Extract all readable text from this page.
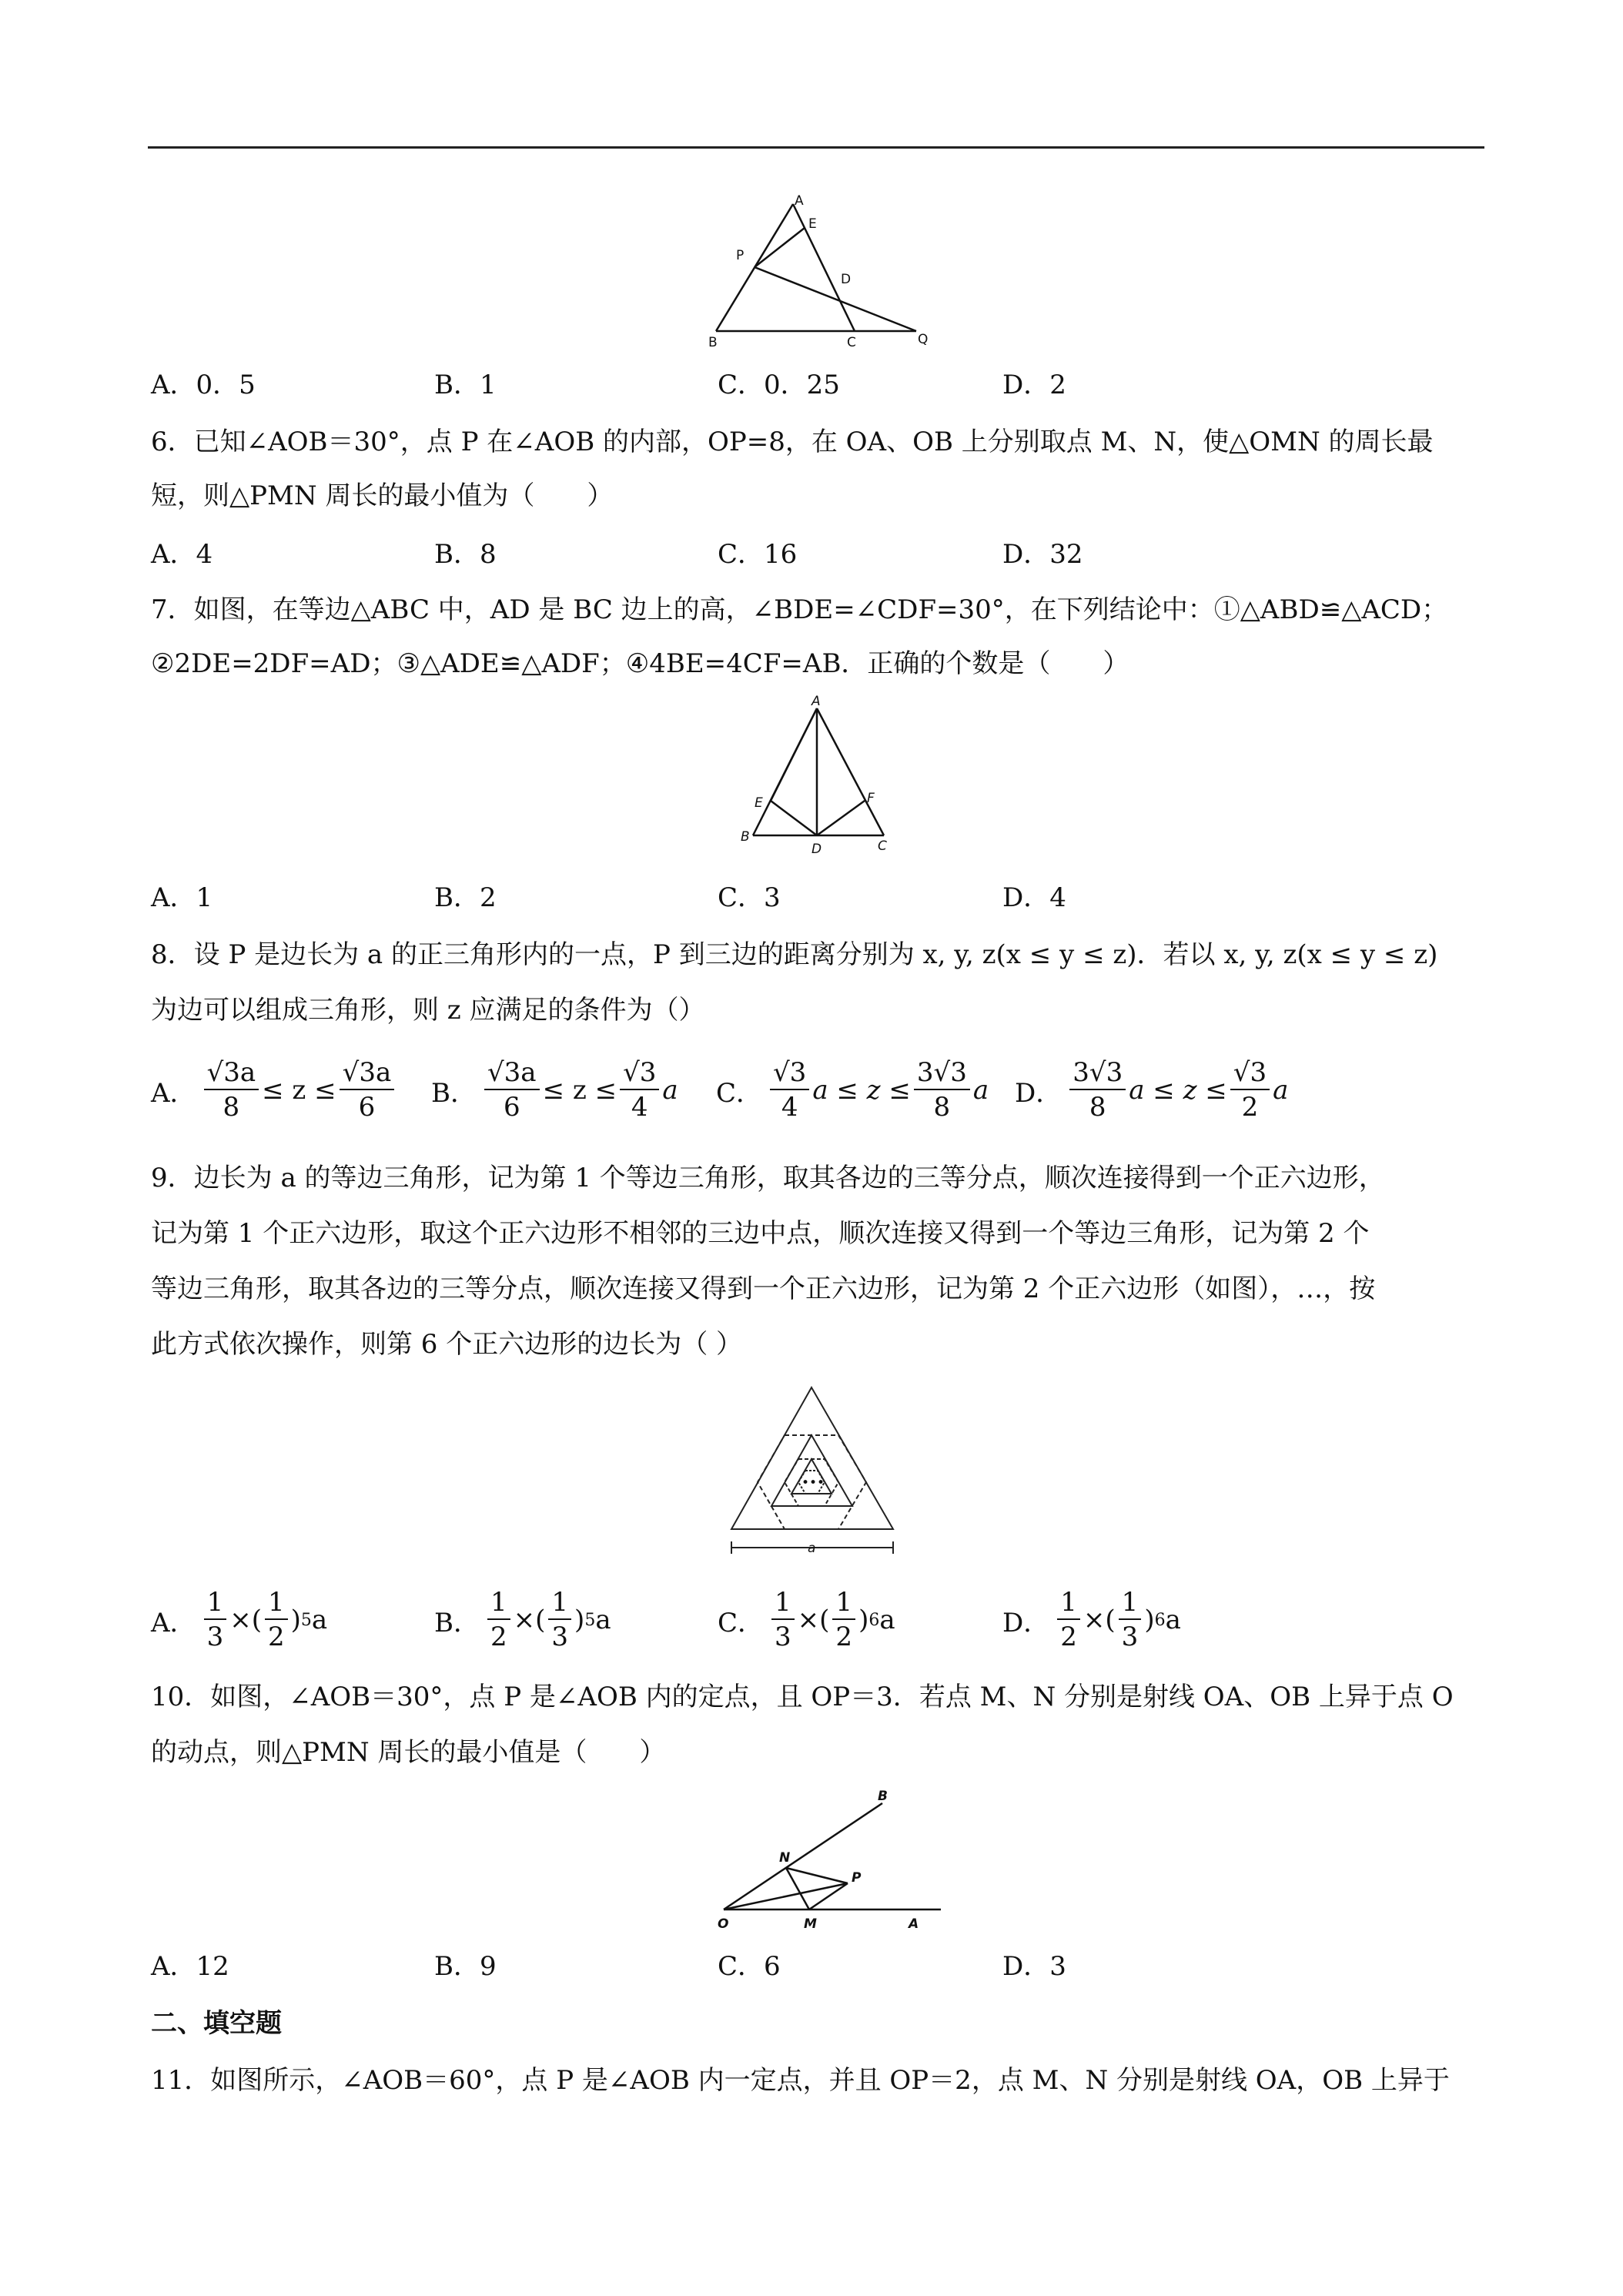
A
E
P
D
B	C	Q
A．0．5	B．1	C．0．25	D．2
6．已知∠AOB＝30°，点 P 在∠AOB 的内部，OP=8，在 OA、OB 上分别取点 M、N，使△OMN 的周长最
短，则△PMN 周长的最小值为（　　）
A．4	B．8	C．16	D．32
7．如图，在等边△ABC 中，AD 是 BC 边上的高，∠BDE=∠CDF=30°，在下列结论中：①△ABD≌△ACD；
②2DE=2DF=AD；③△ADE≌△ADF；④4BE=4CF=AB．正确的个数是（　　）
A
E	F
B
D	C
A．1	B．2	C．3	D．4
8．设 P 是边长为 a 的正三角形内的一点，P 到三边的距离分别为 x, y, z(x ≤ y ≤ z)．若以 x, y, z(x ≤ y ≤ z)
为边可以组成三角形，则 z 应满足的条件为（）
A． $\frac{√3a}{8} \le z \le \frac{√3a}{6}$ B． $\frac{√3a}{6} \le z \le \frac{√3}{4}$ a C． $\frac{√3}{4}$ $a \le z \le \frac{3√3}{8}$ a D． $\frac{3√3}{8}$ $a \le z \le \frac{√3}{2}$ a
9．边长为 a 的等边三角形，记为第 1 个等边三角形，取其各边的三等分点，顺次连接得到一个正六边形，
记为第 1 个正六边形，取这个正六边形不相邻的三边中点，顺次连接又得到一个等边三角形，记为第 2 个
等边三角形，取其各边的三等分点，顺次连接又得到一个正六边形，记为第 2 个正六边形（如图），…，按
此方式依次操作，则第 6 个正六边形的边长为（ ）
•••
a
A． $\frac{1}{3}$ ×( $\frac{1}{2}$ ) 5 a	B． $\frac{1}{2}$ ×( $\frac{1}{3}$ ) 5 a	C． $\frac{1}{3}$ ×( $\frac{1}{2}$ ) 6 a	D． $\frac{1}{2}$ ×( $\frac{1}{3}$ ) 6 a
10．如图，∠AOB＝30°，点 P 是∠AOB 内的定点，且 OP＝3．若点 M、N 分别是射线 OA、OB 上异于点 O
的动点，则△PMN 周长的最小值是（　　）
B
N
P
O	M	A
A．12	B．9	C．6	D．3
二、填空题
11．如图所示，∠AOB＝60°，点 P 是∠AOB 内一定点，并且 OP＝2，点 M、N 分别是射线 OA，OB 上异于
